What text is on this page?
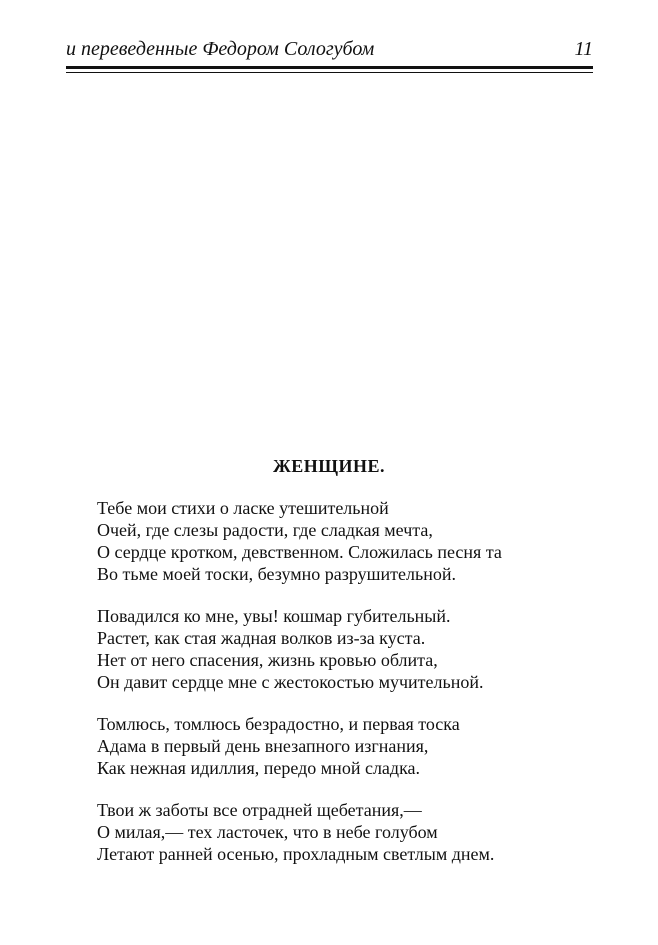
и переведенные Федором Сологубом	11
ЖЕНЩИНЕ.
Тебе мои стихи о ласке утешительной
Очей, где слезы радости, где сладкая мечта,
О сердце кротком, девственном. Сложилась песня та
Во тьме моей тоски, безумно разрушительной.
Повадился ко мне, увы! кошмар губительный.
Растет, как стая жадная волков из-за куста.
Нет от него спасения, жизнь кровью облита,
Он давит сердце мне с жестокостью мучительной.
Томлюсь, томлюсь безрадостно, и первая тоска
Адама в первый день внезапного изгнания,
Как нежная идиллия, передо мной сладка.
Твои ж заботы все отрадней щебетания,—
О милая,— тех ласточек, что в небе голубом
Летают ранней осенью, прохладным светлым днем.
